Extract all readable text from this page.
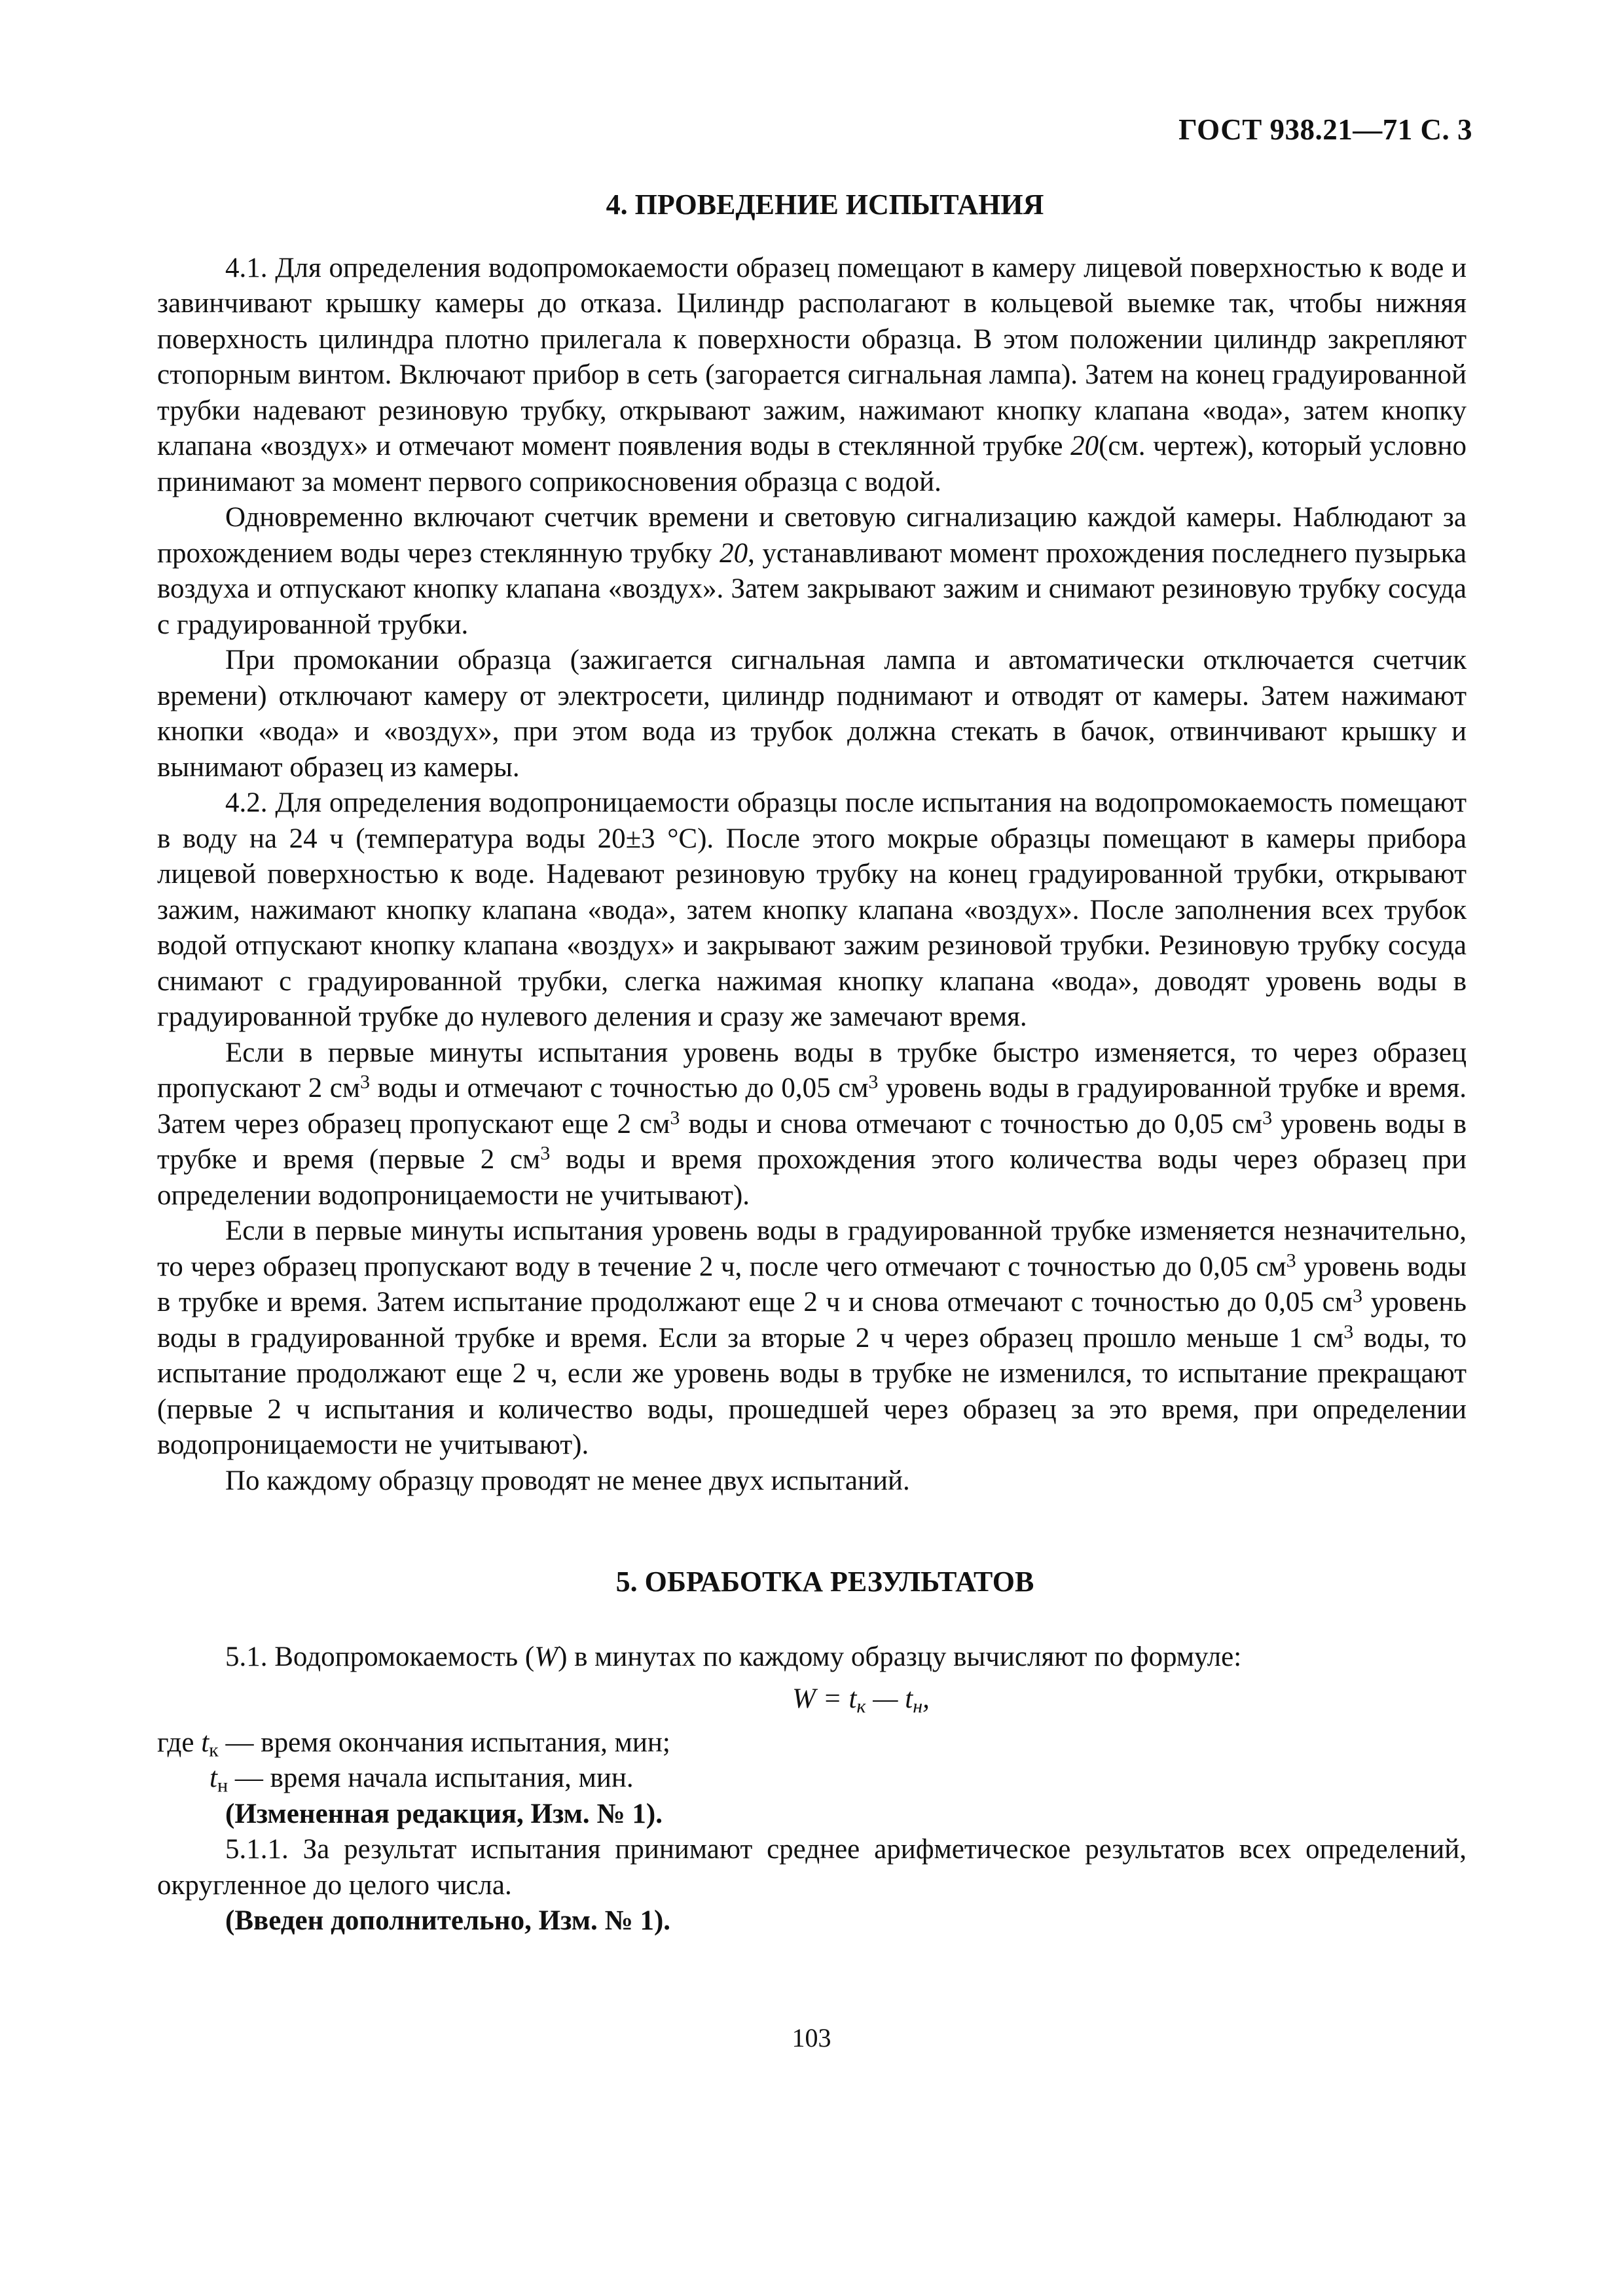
ГОСТ 938.21—71 С. 3
4. ПРОВЕДЕНИЕ ИСПЫТАНИЯ

4.1. Для определения водопромокаемости образец помещают в камеру лицевой поверхностью к воде и завинчивают крышку камеры до отказа. Цилиндр располагают в кольцевой выемке так, чтобы нижняя поверхность цилиндра плотно прилегала к поверхности образца. В этом положении цилиндр закрепляют стопорным винтом. Включают прибор в сеть (загорается сигнальная лампа). Затем на конец градуированной трубки надевают резиновую трубку, открывают зажим, нажимают кнопку клапана «вода», затем кнопку клапана «воздух» и отмечают момент появления воды в стеклянной трубке 20(см. чертеж), который условно принимают за момент первого соприкосновения образца с водой.

Одновременно включают счетчик времени и световую сигнализацию каждой камеры. Наблюдают за прохождением воды через стеклянную трубку 20, устанавливают момент прохождения последнего пузырька воздуха и отпускают кнопку клапана «воздух». Затем закрывают зажим и снимают резиновую трубку сосуда с градуированной трубки.

При промокании образца (зажигается сигнальная лампа и автоматически отключается счетчик времени) отключают камеру от электросети, цилиндр поднимают и отводят от камеры. Затем нажимают кнопки «вода» и «воздух», при этом вода из трубок должна стекать в бачок, отвинчивают крышку и вынимают образец из камеры.

4.2. Для определения водопроницаемости образцы после испытания на водопромокаемость помещают в воду на 24 ч (температура воды 20±3 °С). После этого мокрые образцы помещают в камеры прибора лицевой поверхностью к воде. Надевают резиновую трубку на конец градуированной трубки, открывают зажим, нажимают кнопку клапана «вода», затем кнопку клапана «воздух». После заполнения всех трубок водой отпускают кнопку клапана «воздух» и закрывают зажим резиновой трубки. Резиновую трубку сосуда снимают с градуированной трубки, слегка нажимая кнопку клапана «вода», доводят уровень воды в градуированной трубке до нулевого деления и сразу же замечают время.

Если в первые минуты испытания уровень воды в трубке быстро изменяется, то через образец пропускают 2 $см^3$ воды и отмечают с точностью до 0,05 $см^3$ уровень воды в градуированной трубке и время. Затем через образец пропускают еще 2 $см^3$ воды и снова отмечают с точностью до 0,05 $см^3$ уровень воды в трубке и время (первые 2 $см^3$ воды и время прохождения этого количества воды через образец при определении водопроницаемости не учитывают).

Если в первые минуты испытания уровень воды в градуированной трубке изменяется незначительно, то через образец пропускают воду в течение 2 ч, после чего отмечают с точностью до 0,05 $см^3$ уровень воды в трубке и время. Затем испытание продолжают еще 2 ч и снова отмечают с точностью до 0,05 $см^3$ уровень воды в градуированной трубке и время. Если за вторые 2 ч через образец прошло меньше 1 $см^3$ воды, то испытание продолжают еще 2 ч, если же уровень воды в трубке не изменился, то испытание прекращают (первые 2 ч испытания и количество воды, прошедшей через образец за это время, при определении водопроницаемости не учитывают).

По каждому образцу проводят не менее двух испытаний.

5. ОБРАБОТКА РЕЗУЛЬТАТОВ

5.1. Водопромокаемость (W) в минутах по каждому образцу вычисляют по формуле:

$W = t_к$ — $t_н$,

где $t_к$ — время окончания испытания, мин;

$t_н$ — время начала испытания, мин.

(Измененная редакция, Изм. № 1).

5.1.1. За результат испытания принимают среднее арифметическое результатов всех определений, округленное до целого числа.

(Введен дополнительно, Изм. № 1).

103
